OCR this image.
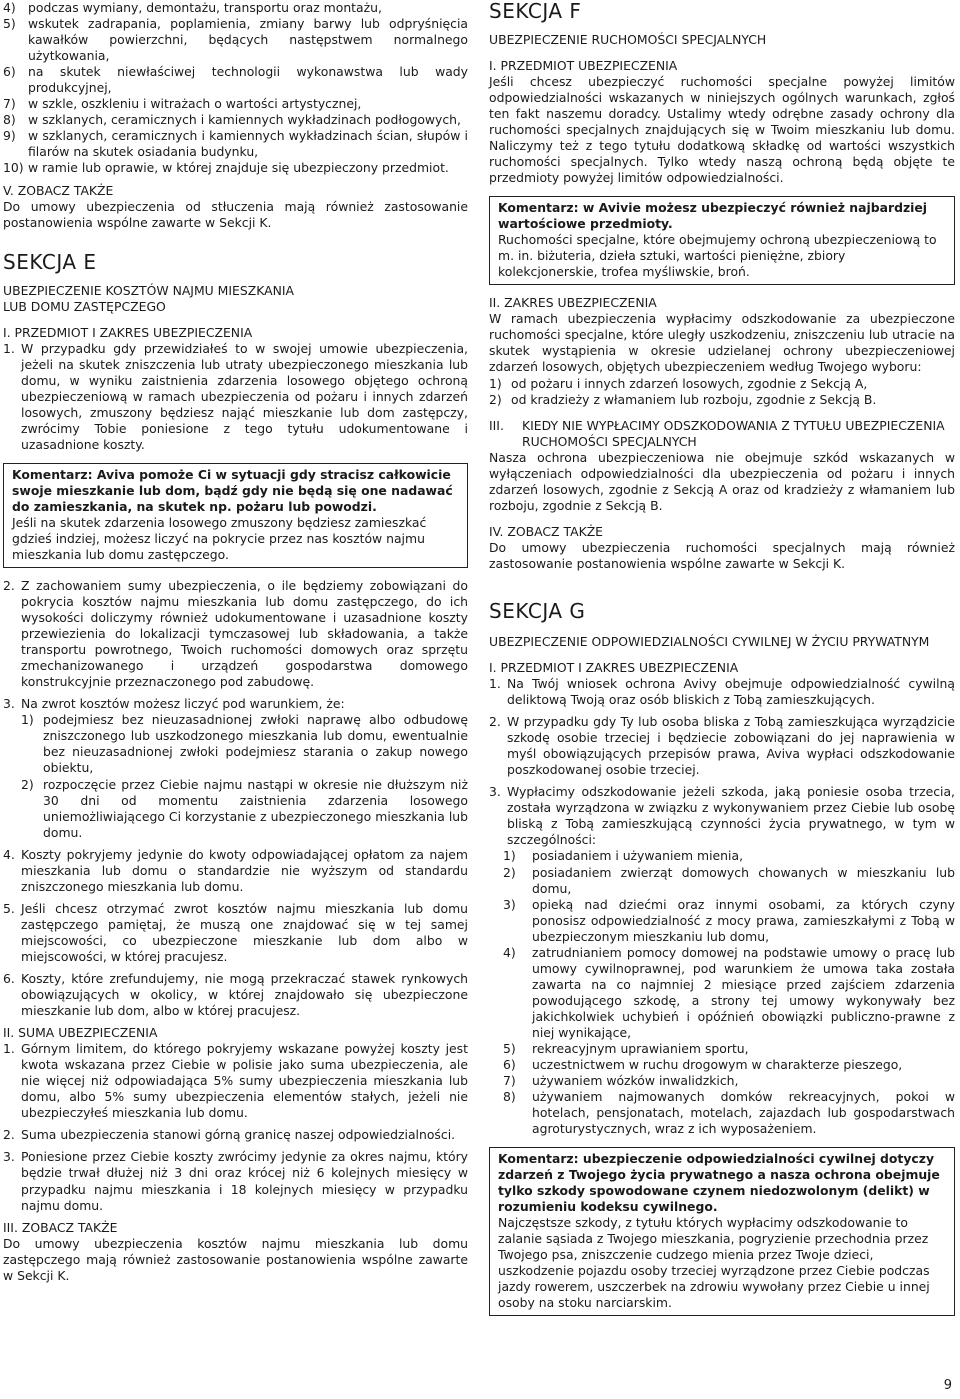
4) podczas wymiany, demontażu, transportu oraz montażu,
5) wskutek zadrapania, poplamienia, zmiany barwy lub odpryśnięcia kawałków powierzchni, będących następstwem normalnego użytkowania,
6) na skutek niewłaściwej technologii wykonawstwa lub wady produkcyjnej,
7) w szkle, oszkleniu i witrażach o wartości artystycznej,
8) w szklanych, ceramicznych i kamiennych wykładzinach podłogowych,
9) w szklanych, ceramicznych i kamiennych wykładzinach ścian, słupów i filarów na skutek osiadania budynku,
10) w ramie lub oprawie, w której znajduje się ubezpieczony przedmiot.

V. ZOBACZ TAKŻE

Do umowy ubezpieczenia od stłuczenia mają również zastosowanie postanowienia wspólne zawarte w Sekcji K.

SEKCJA E

UBEZPIECZENIE KOSZTÓW NAJMU MIESZKANIA

LUB DOMU ZASTĘPCZEGO

I. PRZEDMIOT I ZAKRES UBEZPIECZENIA

1. W przypadku gdy przewidziałeś to w swojej umowie ubezpieczenia, jeżeli na skutek zniszczenia lub utraty ubezpieczonego mieszkania lub domu, w wyniku zaistnienia zdarzenia losowego objętego ochroną ubezpieczeniową w ramach ubezpieczenia od pożaru i innych zdarzeń losowych, zmuszony będziesz nająć mieszkanie lub dom zastępczy, zwrócimy Tobie poniesione z tego tytułu udokumentowane i uzasadnione koszty.

Komentarz: Aviva pomoże Ci w sytuacji gdy stracisz całkowicie swoje mieszkanie lub dom, bądź gdy nie będą się one nadawać do zamieszkania, na skutek np. pożaru lub powodzi.

Jeśli na skutek zdarzenia losowego zmuszony będziesz zamieszkać gdzieś indziej, możesz liczyć na pokrycie przez nas kosztów najmu mieszkania lub domu zastępczego.

2. Z zachowaniem sumy ubezpieczenia, o ile będziemy zobowiązani do pokrycia kosztów najmu mieszkania lub domu zastępczego, do ich wysokości doliczymy również udokumentowane i uzasadnione koszty przewiezienia do lokalizacji tymczasowej lub składowania, a także transportu powrotnego, Twoich ruchomości domowych oraz sprzętu zmechanizowanego i urządzeń gospodarstwa domowego konstrukcyjnie przeznaczonego pod zabudowę.
3. Na zwrot kosztów możesz liczyć pod warunkiem, że:
1) podejmiesz bez nieuzasadnionej zwłoki naprawę albo odbudowę zniszczonego lub uszkodzonego mieszkania lub domu, ewentualnie bez nieuzasadnionej zwłoki podejmiesz starania o zakup nowego obiektu,
2) rozpoczęcie przez Ciebie najmu nastąpi w okresie nie dłuższym niż 30 dni od momentu zaistnienia zdarzenia losowego uniemożliwiającego Ci korzystanie z ubezpieczonego mieszkania lub domu.
4. Koszty pokryjemy jedynie do kwoty odpowiadającej opłatom za najem mieszkania lub domu o standardzie nie wyższym od standardu zniszczonego mieszkania lub domu.
5. Jeśli chcesz otrzymać zwrot kosztów najmu mieszkania lub domu zastępczego pamiętaj, że muszą one znajdować się w tej samej miejscowości, co ubezpieczone mieszkanie lub dom albo w miejscowości, w której pracujesz.
6. Koszty, które zrefundujemy, nie mogą przekraczać stawek rynkowych obowiązujących w okolicy, w której znajdowało się ubezpieczone mieszkanie lub dom, albo w której pracujesz.

II. SUMA UBEZPIECZENIA

1. Górnym limitem, do którego pokryjemy wskazane powyżej koszty jest kwota wskazana przez Ciebie w polisie jako suma ubezpieczenia, ale nie więcej niż odpowiadająca 5% sumy ubezpieczenia mieszkania lub domu, albo 5% sumy ubezpieczenia elementów stałych, jeżeli nie ubezpieczyłeś mieszkania lub domu.
2. Suma ubezpieczenia stanowi górną granicę naszej odpowiedzialności.
3. Poniesione przez Ciebie koszty zwrócimy jedynie za okres najmu, który będzie trwał dłużej niż 3 dni oraz krócej niż 6 kolejnych miesięcy w przypadku najmu mieszkania i 18 kolejnych miesięcy w przypadku najmu domu.

III. ZOBACZ TAKŻE

Do umowy ubezpieczenia kosztów najmu mieszkania lub domu zastępczego mają również zastosowanie postanowienia wspólne zawarte w Sekcji K.

SEKCJA F

UBEZPIECZENIE RUCHOMOŚCI SPECJALNYCH

I. PRZEDMIOT UBEZPIECZENIA

Jeśli chcesz ubezpieczyć ruchomości specjalne powyżej limitów odpowiedzialności wskazanych w niniejszych ogólnych warunkach, zgłoś ten fakt naszemu doradcy. Ustalimy wtedy odrębne zasady ochrony dla ruchomości specjalnych znajdujących się w Twoim mieszkaniu lub domu. Naliczymy też z tego tytułu dodatkową składkę od wartości wszystkich ruchomości specjalnych. Tylko wtedy naszą ochroną będą objęte te przedmioty powyżej limitów odpowiedzialności.

Komentarz: w Avivie możesz ubezpieczyć również najbardziej wartościowe przedmioty.

Ruchomości specjalne, które obejmujemy ochroną ubezpieczeniową to m. in. biżuteria, dzieła sztuki, wartości pieniężne, zbiory kolekcjonerskie, trofea myśliwskie, broń.

II. ZAKRES UBEZPIECZENIA

W ramach ubezpieczenia wypłacimy odszkodowanie za ubezpieczone ruchomości specjalne, które uległy uszkodzeniu, zniszczeniu lub utracie na skutek wystąpienia w okresie udzielanej ochrony ubezpieczeniowej zdarzeń losowych, objętych ubezpieczeniem według Twojego wyboru:

1) od pożaru i innych zdarzeń losowych, zgodnie z Sekcją A,
2) od kradzieży z włamaniem lub rozboju, zgodnie z Sekcją B.
III.	KIEDY NIE WYPŁACIMY ODSZKODOWANIA Z TYTUŁU UBEZPIECZENIA RUCHOMOŚCI SPECJALNYCH

Nasza ochrona ubezpieczeniowa nie obejmuje szkód wskazanych w wyłączeniach odpowiedzialności dla ubezpieczenia od pożaru i innych zdarzeń losowych, zgodnie z Sekcją A oraz od kradzieży z włamaniem lub rozboju, zgodnie z Sekcją B.

IV. ZOBACZ TAKŻE

Do umowy ubezpieczenia ruchomości specjalnych mają również zastosowanie postanowienia wspólne zawarte w Sekcji K.

SEKCJA G

UBEZPIECZENIE ODPOWIEDZIALNOŚCI CYWILNEJ W ŻYCIU PRYWATNYM

I. PRZEDMIOT I ZAKRES UBEZPIECZENIA

1. Na Twój wniosek ochrona Avivy obejmuje odpowiedzialność cywilną deliktową Twoją oraz osób bliskich z Tobą zamieszkujących.
2. W przypadku gdy Ty lub osoba bliska z Tobą zamieszkująca wyrządzicie szkodę osobie trzeciej i będziecie zobowiązani do jej naprawienia w myśl obowiązujących przepisów prawa, Aviva wypłaci odszkodowanie poszkodowanej osobie trzeciej.
3. Wypłacimy odszkodowanie jeżeli szkoda, jaką poniesie osoba trzecia, została wyrządzona w związku z wykonywaniem przez Ciebie lub osobę bliską z Tobą zamieszkującą czynności życia prywatnego, w tym w szczególności:
1)	posiadaniem i używaniem mienia,
2)	posiadaniem zwierząt domowych chowanych w mieszkaniu lub domu,
3)	opieką nad dziećmi oraz innymi osobami, za których czyny ponosisz odpowiedzialność z mocy prawa, zamieszkałymi z Tobą w ubezpieczonym mieszkaniu lub domu,
4)	zatrudnianiem pomocy domowej na podstawie umowy o pracę lub umowy cywilnoprawnej, pod warunkiem że umowa taka została zawarta na co najmniej 2 miesiące przed zajściem zdarzenia powodującego szkodę, a strony tej umowy wykonywały bez jakichkolwiek uchybień i opóźnień obowiązki publiczno-prawne z niej wynikające,
5)	rekreacyjnym uprawianiem sportu,
6)	uczestnictwem w ruchu drogowym w charakterze pieszego,
7)	używaniem wózków inwalidzkich,
8)	używaniem najmowanych domków rekreacyjnych, pokoi w hotelach, pensjonatach, motelach, zajazdach lub gospodarstwach agroturystycznych, wraz z ich wyposażeniem.

Komentarz: ubezpieczenie odpowiedzialności cywilnej dotyczy zdarzeń z Twojego życia prywatnego a nasza ochrona obejmuje tylko szkody spowodowane czynem niedozwolonym (delikt) w rozumieniu kodeksu cywilnego.

Najczęstsze szkody, z tytułu których wypłacimy odszkodowanie to zalanie sąsiada z Twojego mieszkania, pogryzienie przechodnia przez Twojego psa, zniszczenie cudzego mienia przez Twoje dzieci, uszkodzenie pojazdu osoby trzeciej wyrządzone przez Ciebie podczas jazdy rowerem, uszczerbek na zdrowiu wywołany przez Ciebie u innej osoby na stoku narciarskim.

9
